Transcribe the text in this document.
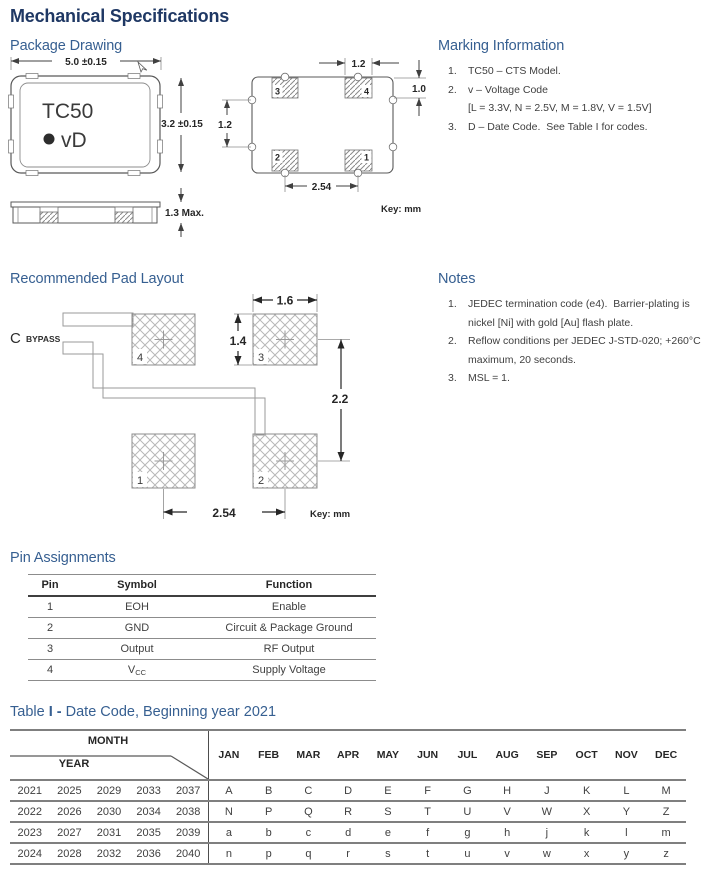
Mechanical Specifications
Package Drawing
5.0 ±0.15
TC50
vD
3.2 ±0.15
1.3 Max.
3	4
2	1
1.2
1.0
1.2
2.54
Key: mm
Marking Information
1.	TC50 – CTS Model.
2.	v – Voltage Code
[L = 3.3V, N = 2.5V, M = 1.8V, V = 1.5V]
3.	D – Date Code.  See Table I for codes.
Recommended Pad Layout
C BYPASS
4	3
1	2
1.6
1.4
2.2
2.54	Key: mm
Notes
1.	JEDEC termination code (e4).  Barrier-plating is
nickel [Ni] with gold [Au] flash plate.
2.	Reflow conditions per JEDEC J-STD-020; +260°C
maximum, 20 seconds.
3.	MSL = 1.
Pin Assignments
Pin	Symbol	Function
1	EOH	Enable
2	GND	Circuit & Package Ground
3	Output	RF Output
4	$V_{CC}$	Supply Voltage
Table I - Date Code, Beginning year 2021
MONTH
YEAR
JAN	FEB	MAR	APR	MAY	JUN	JUL	AUG	SEP	OCT	NOV	DEC
2021	2025	2029	2033	2037	A	B	C	D	E	F	G	H	J	K	L	M
2022	2026	2030	2034	2038	N	P	Q	R	S	T	U	V	W	X	Y	Z
2023	2027	2031	2035	2039	a	b	c	d	e	f	g	h	j	k	l	m
2024	2028	2032	2036	2040	n	p	q	r	s	t	u	v	w	x	y	z
